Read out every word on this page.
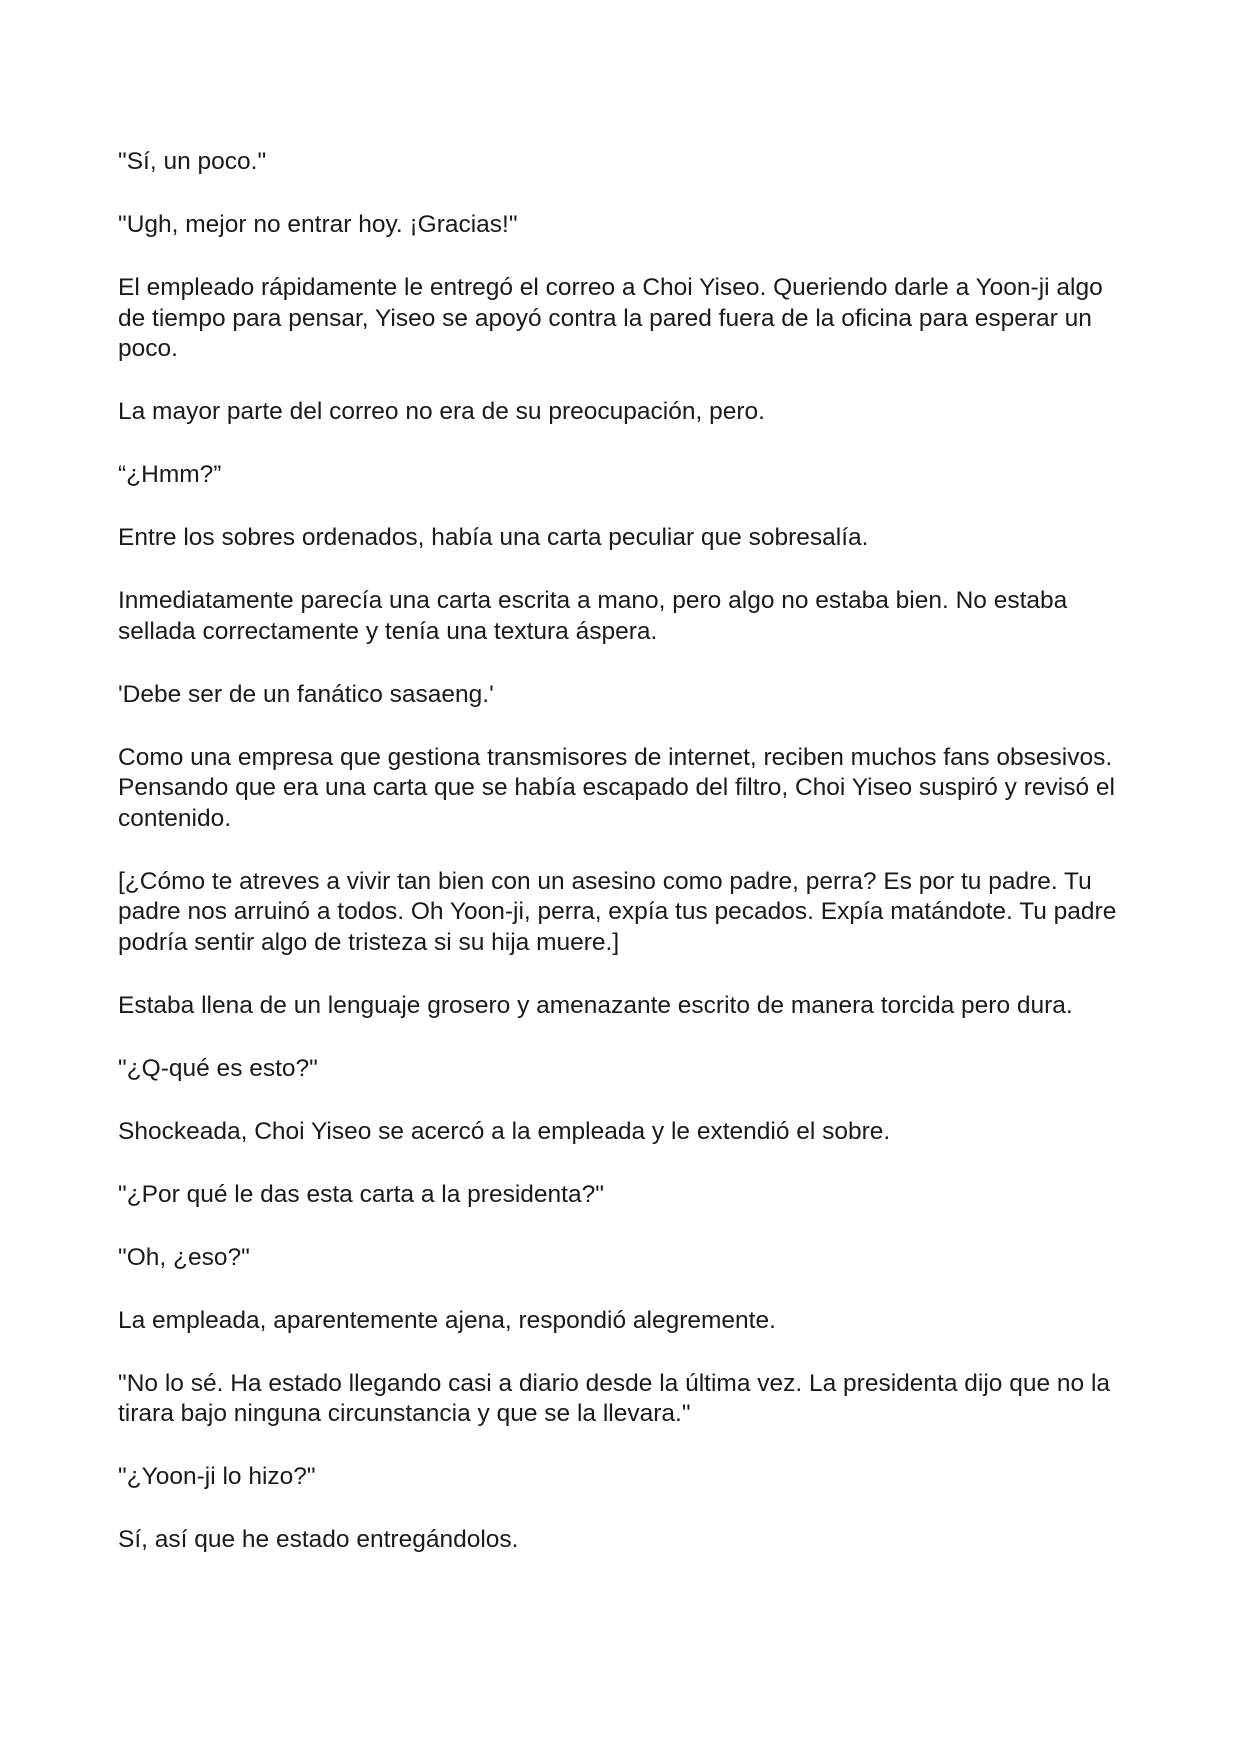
"Sí, un poco."

"Ugh, mejor no entrar hoy. ¡Gracias!"

El empleado rápidamente le entregó el correo a Choi Yiseo. Queriendo darle a Yoon-ji algo de tiempo para pensar, Yiseo se apoyó contra la pared fuera de la oficina para esperar un poco.

La mayor parte del correo no era de su preocupación, pero.

“¿Hmm?”

Entre los sobres ordenados, había una carta peculiar que sobresalía.

Inmediatamente parecía una carta escrita a mano, pero algo no estaba bien. No estaba sellada correctamente y tenía una textura áspera.

'Debe ser de un fanático sasaeng.'

Como una empresa que gestiona transmisores de internet, reciben muchos fans obsesivos. Pensando que era una carta que se había escapado del filtro, Choi Yiseo suspiró y revisó el contenido.

[¿Cómo te atreves a vivir tan bien con un asesino como padre, perra? Es por tu padre. Tu padre nos arruinó a todos. Oh Yoon-ji, perra, expía tus pecados. Expía matándote. Tu padre podría sentir algo de tristeza si su hija muere.]

Estaba llena de un lenguaje grosero y amenazante escrito de manera torcida pero dura.

"¿Q-qué es esto?"

Shockeada, Choi Yiseo se acercó a la empleada y le extendió el sobre.

"¿Por qué le das esta carta a la presidenta?"

"Oh, ¿eso?"

La empleada, aparentemente ajena, respondió alegremente.

"No lo sé. Ha estado llegando casi a diario desde la última vez. La presidenta dijo que no la tirara bajo ninguna circunstancia y que se la llevara."

"¿Yoon-ji lo hizo?"

Sí, así que he estado entregándolos.
